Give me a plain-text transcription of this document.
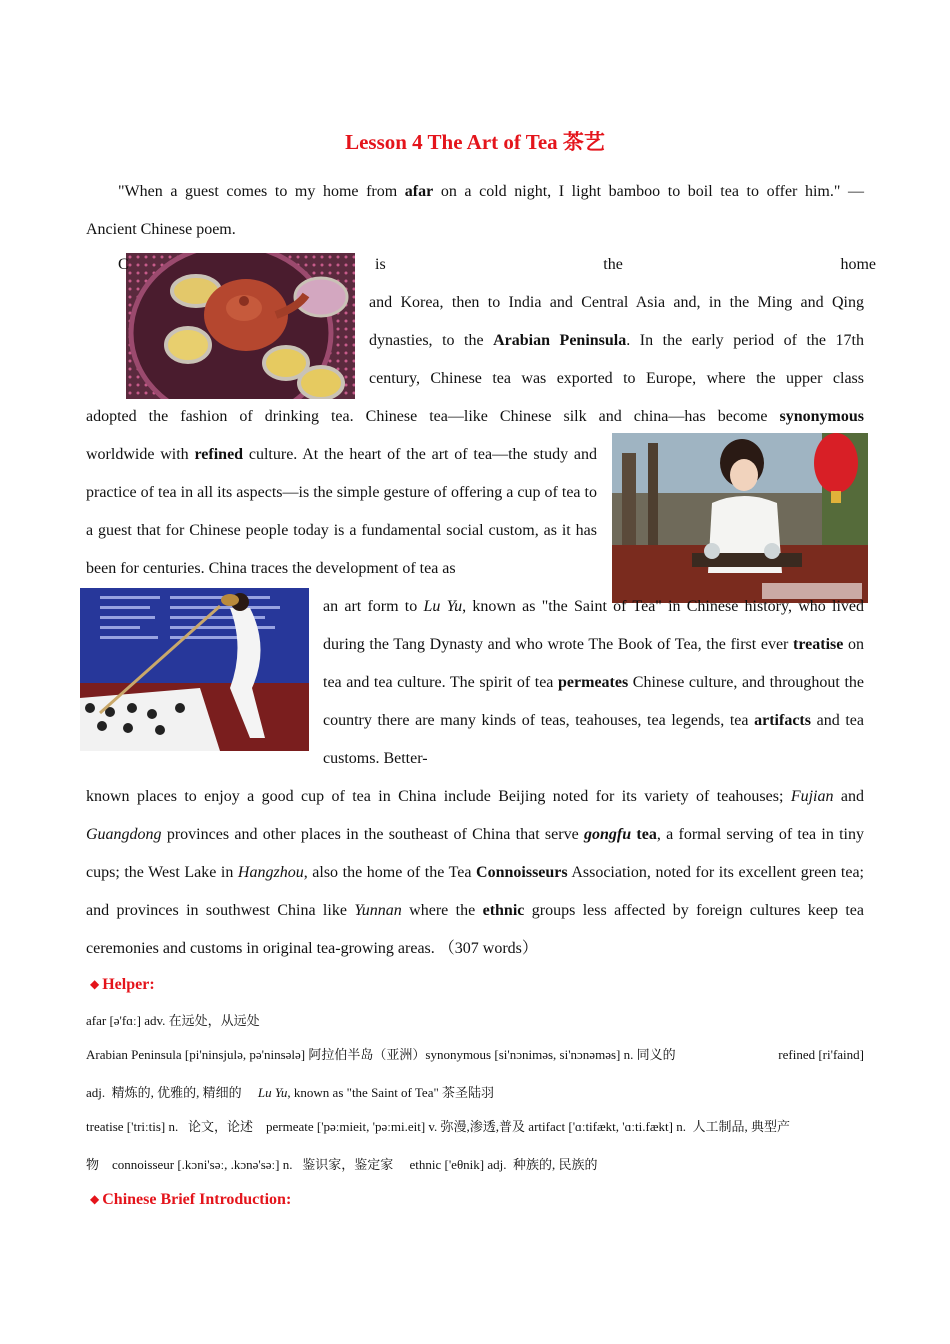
Lesson 4 The Art of Tea 茶艺
"When a guest comes to my home from afar on a cold night, I light bamboo to boil tea to offer him." —
Ancient Chinese poem.
C	is	the	home
and Korea, then to India and Central Asia and, in the Ming and Qing
dynasties, to the Arabian Peninsula. In the early period of the 17th
century, Chinese tea was exported to Europe, where the upper class
adopted the fashion of drinking tea. Chinese tea—like Chinese silk and china—has become synonymous
worldwide with refined culture. At the heart of the art of tea—the study and practice of tea in all its aspects—is the simple gesture of offering a cup of tea to a guest that for Chinese people today is a fundamental social custom, as it has been for centuries. China traces the development of tea as
an art form to Lu Yu, known as "the Saint of Tea" in Chinese history, who lived during the Tang Dynasty and who wrote The Book of Tea, the first ever treatise on tea and tea culture. The spirit of tea permeates Chinese culture, and throughout the country there are many kinds of teas, teahouses, tea legends, tea artifacts and tea customs. Better-
known places to enjoy a good cup of tea in China include Beijing noted for its variety of teahouses; Fujian and Guangdong provinces and other places in the southeast of China that serve gongfu tea, a formal serving of tea in tiny cups; the West Lake in Hangzhou, also the home of the Tea Connoisseurs Association, noted for its excellent green tea; and provinces in southwest China like Yunnan where the ethnic groups less affected by foreign cultures keep tea ceremonies and customs in original tea-growing areas. （307 words）
◆ Helper:
afar [ə'fɑː] adv. 在远处，从远处
Arabian Peninsula [pi'ninsjulə, pə'ninsələ] 阿拉伯半岛（亚洲）synonymous [si'nɔniməs, si'nɔnəməs] n. 同义的	refined [ri'faind]
adj.  精炼的, 优雅的, 精细的 Lu Yu, known as "the Saint of Tea" 茶圣陆羽
treatise ['triːtis] n.   论文，论述    permeate ['pəːmieit, 'pəːmi.eit] v. 弥漫,渗透,普及 artifact ['ɑːtifækt, 'ɑːti.fækt] n.  人工制品, 典型产
物    connoisseur [.kɔni'səː, .kɔnə'səː] n.   鉴识家，鉴定家     ethnic ['eθnik] adj.  种族的, 民族的
◆ Chinese Brief Introduction:
